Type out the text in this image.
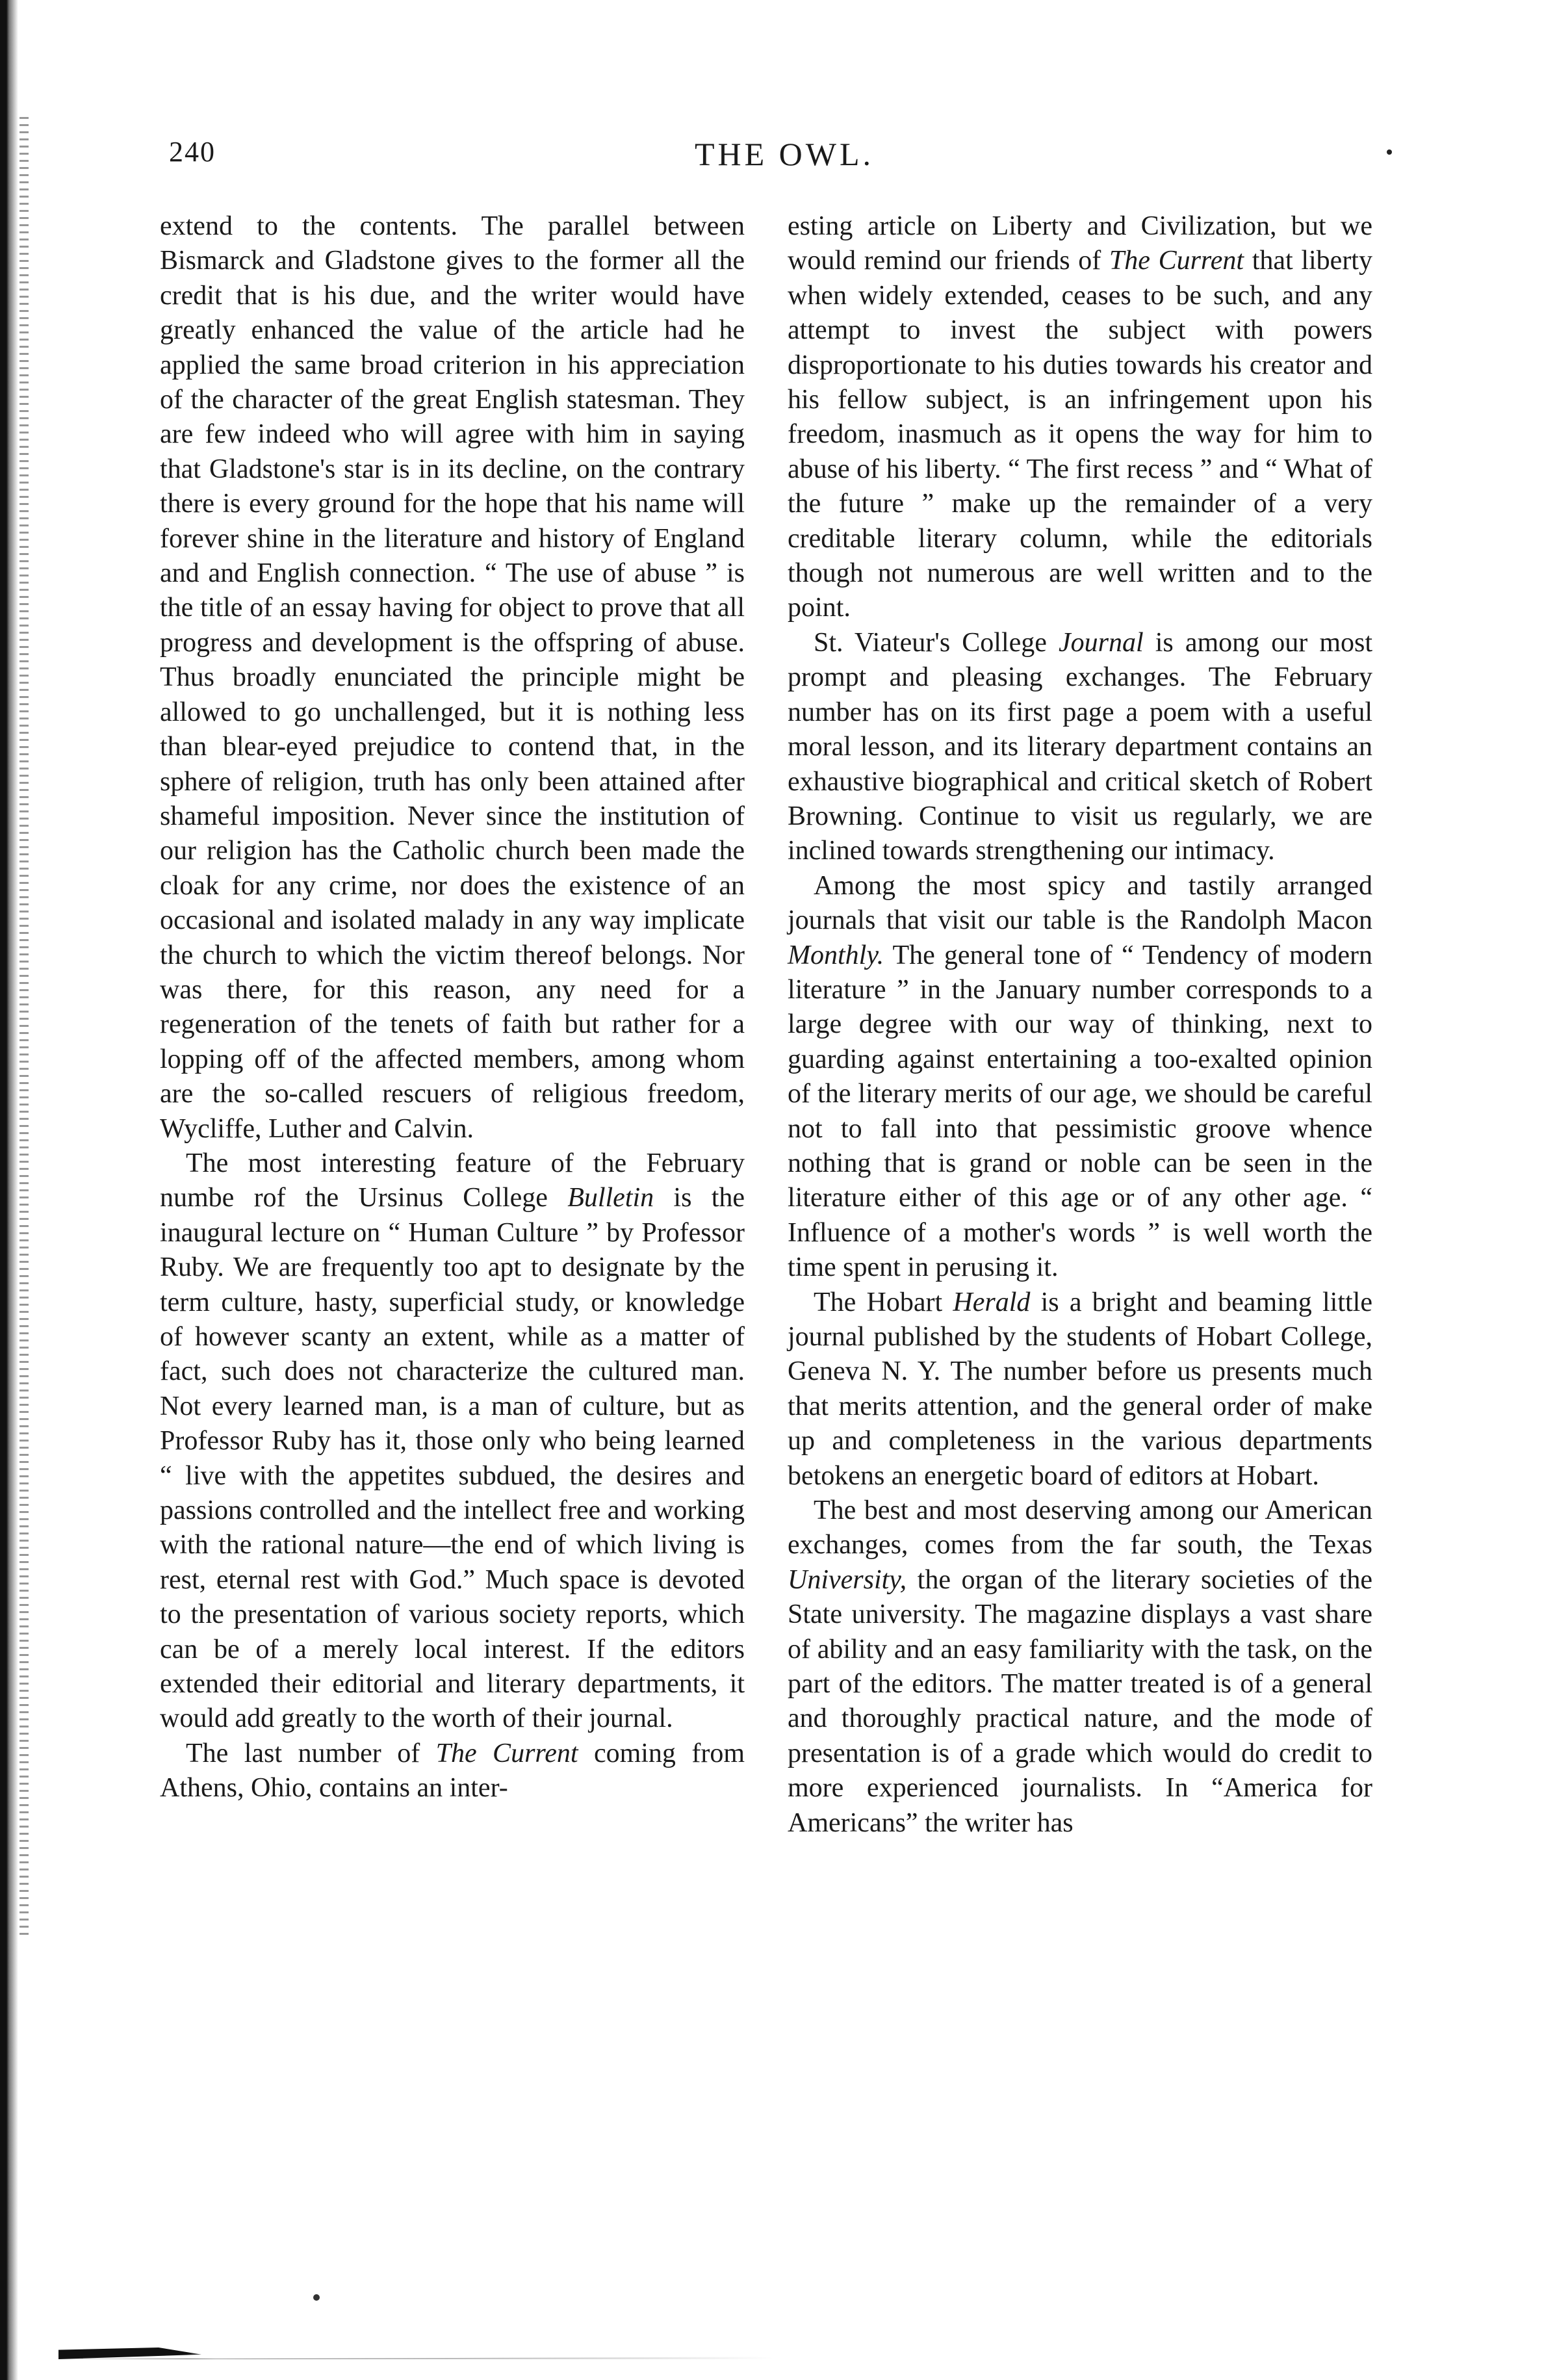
240	THE OWL.

extend to the contents. The parallel between Bismarck and Gladstone gives to the former all the credit that is his due, and the writer would have greatly enhanced the value of the article had he applied the same broad criterion in his appreciation of the character of the great English statesman. They are few indeed who will agree with him in saying that Gladstone's star is in its decline, on the contrary there is every ground for the hope that his name will forever shine in the literature and history of England and and English connection. “ The use of abuse ” is the title of an essay having for object to prove that all progress and development is the offspring of abuse. Thus broadly enunciated the principle might be allowed to go unchallenged, but it is nothing less than blear-eyed prejudice to contend that, in the sphere of religion, truth has only been attained after shameful imposition. Never since the institution of our religion has the Catholic church been made the cloak for any crime, nor does the existence of an occasional and isolated malady in any way implicate the church to which the victim thereof belongs. Nor was there, for this reason, any need for a regeneration of the tenets of faith but rather for a lopping off of the affected members, among whom are the so-called rescuers of religious freedom, Wycliffe, Luther and Calvin.

The most interesting feature of the February numbe rof the Ursinus College Bulletin is the inaugural lecture on “ Human Culture ” by Professor Ruby. We are frequently too apt to designate by the term culture, hasty, superficial study, or knowledge of however scanty an extent, while as a matter of fact, such does not characterize the cultured man. Not every learned man, is a man of culture, but as Professor Ruby has it, those only who being learned “ live with the appetites subdued, the desires and passions controlled and the intellect free and working with the rational nature—the end of which living is rest, eternal rest with God.” Much space is devoted to the presentation of various society reports, which can be of a merely local interest. If the editors extended their editorial and literary departments, it would add greatly to the worth of their journal.

The last number of The Current coming from Athens, Ohio, contains an inter-

esting article on Liberty and Civilization, but we would remind our friends of The Current that liberty when widely extended, ceases to be such, and any attempt to invest the subject with powers disproportionate to his duties towards his creator and his fellow subject, is an infringement upon his freedom, inasmuch as it opens the way for him to abuse of his liberty. “ The first recess ” and “ What of the future ” make up the remainder of a very creditable literary column, while the editorials though not numerous are well written and to the point.

St. Viateur's College Journal is among our most prompt and pleasing exchanges. The February number has on its first page a poem with a useful moral lesson, and its literary department contains an exhaustive biographical and critical sketch of Robert Browning. Continue to visit us regularly, we are inclined towards strengthening our intimacy.

Among the most spicy and tastily arranged journals that visit our table is the Randolph Macon Monthly. The general tone of “ Tendency of modern literature ” in the January number corresponds to a large degree with our way of thinking, next to guarding against entertaining a too-exalted opinion of the literary merits of our age, we should be careful not to fall into that pessimistic groove whence nothing that is grand or noble can be seen in the literature either of this age or of any other age. “ Influence of a mother's words ” is well worth the time spent in perusing it.

The Hobart Herald is a bright and beaming little journal published by the students of Hobart College, Geneva N. Y. The number before us presents much that merits attention, and the general order of make up and completeness in the various departments betokens an energetic board of editors at Hobart.

The best and most deserving among our American exchanges, comes from the far south, the Texas University, the organ of the literary societies of the State university. The magazine displays a vast share of ability and an easy familiarity with the task, on the part of the editors. The matter treated is of a general and thoroughly practical nature, and the mode of presentation is of a grade which would do credit to more experienced journalists. In “America for Americans” the writer has
